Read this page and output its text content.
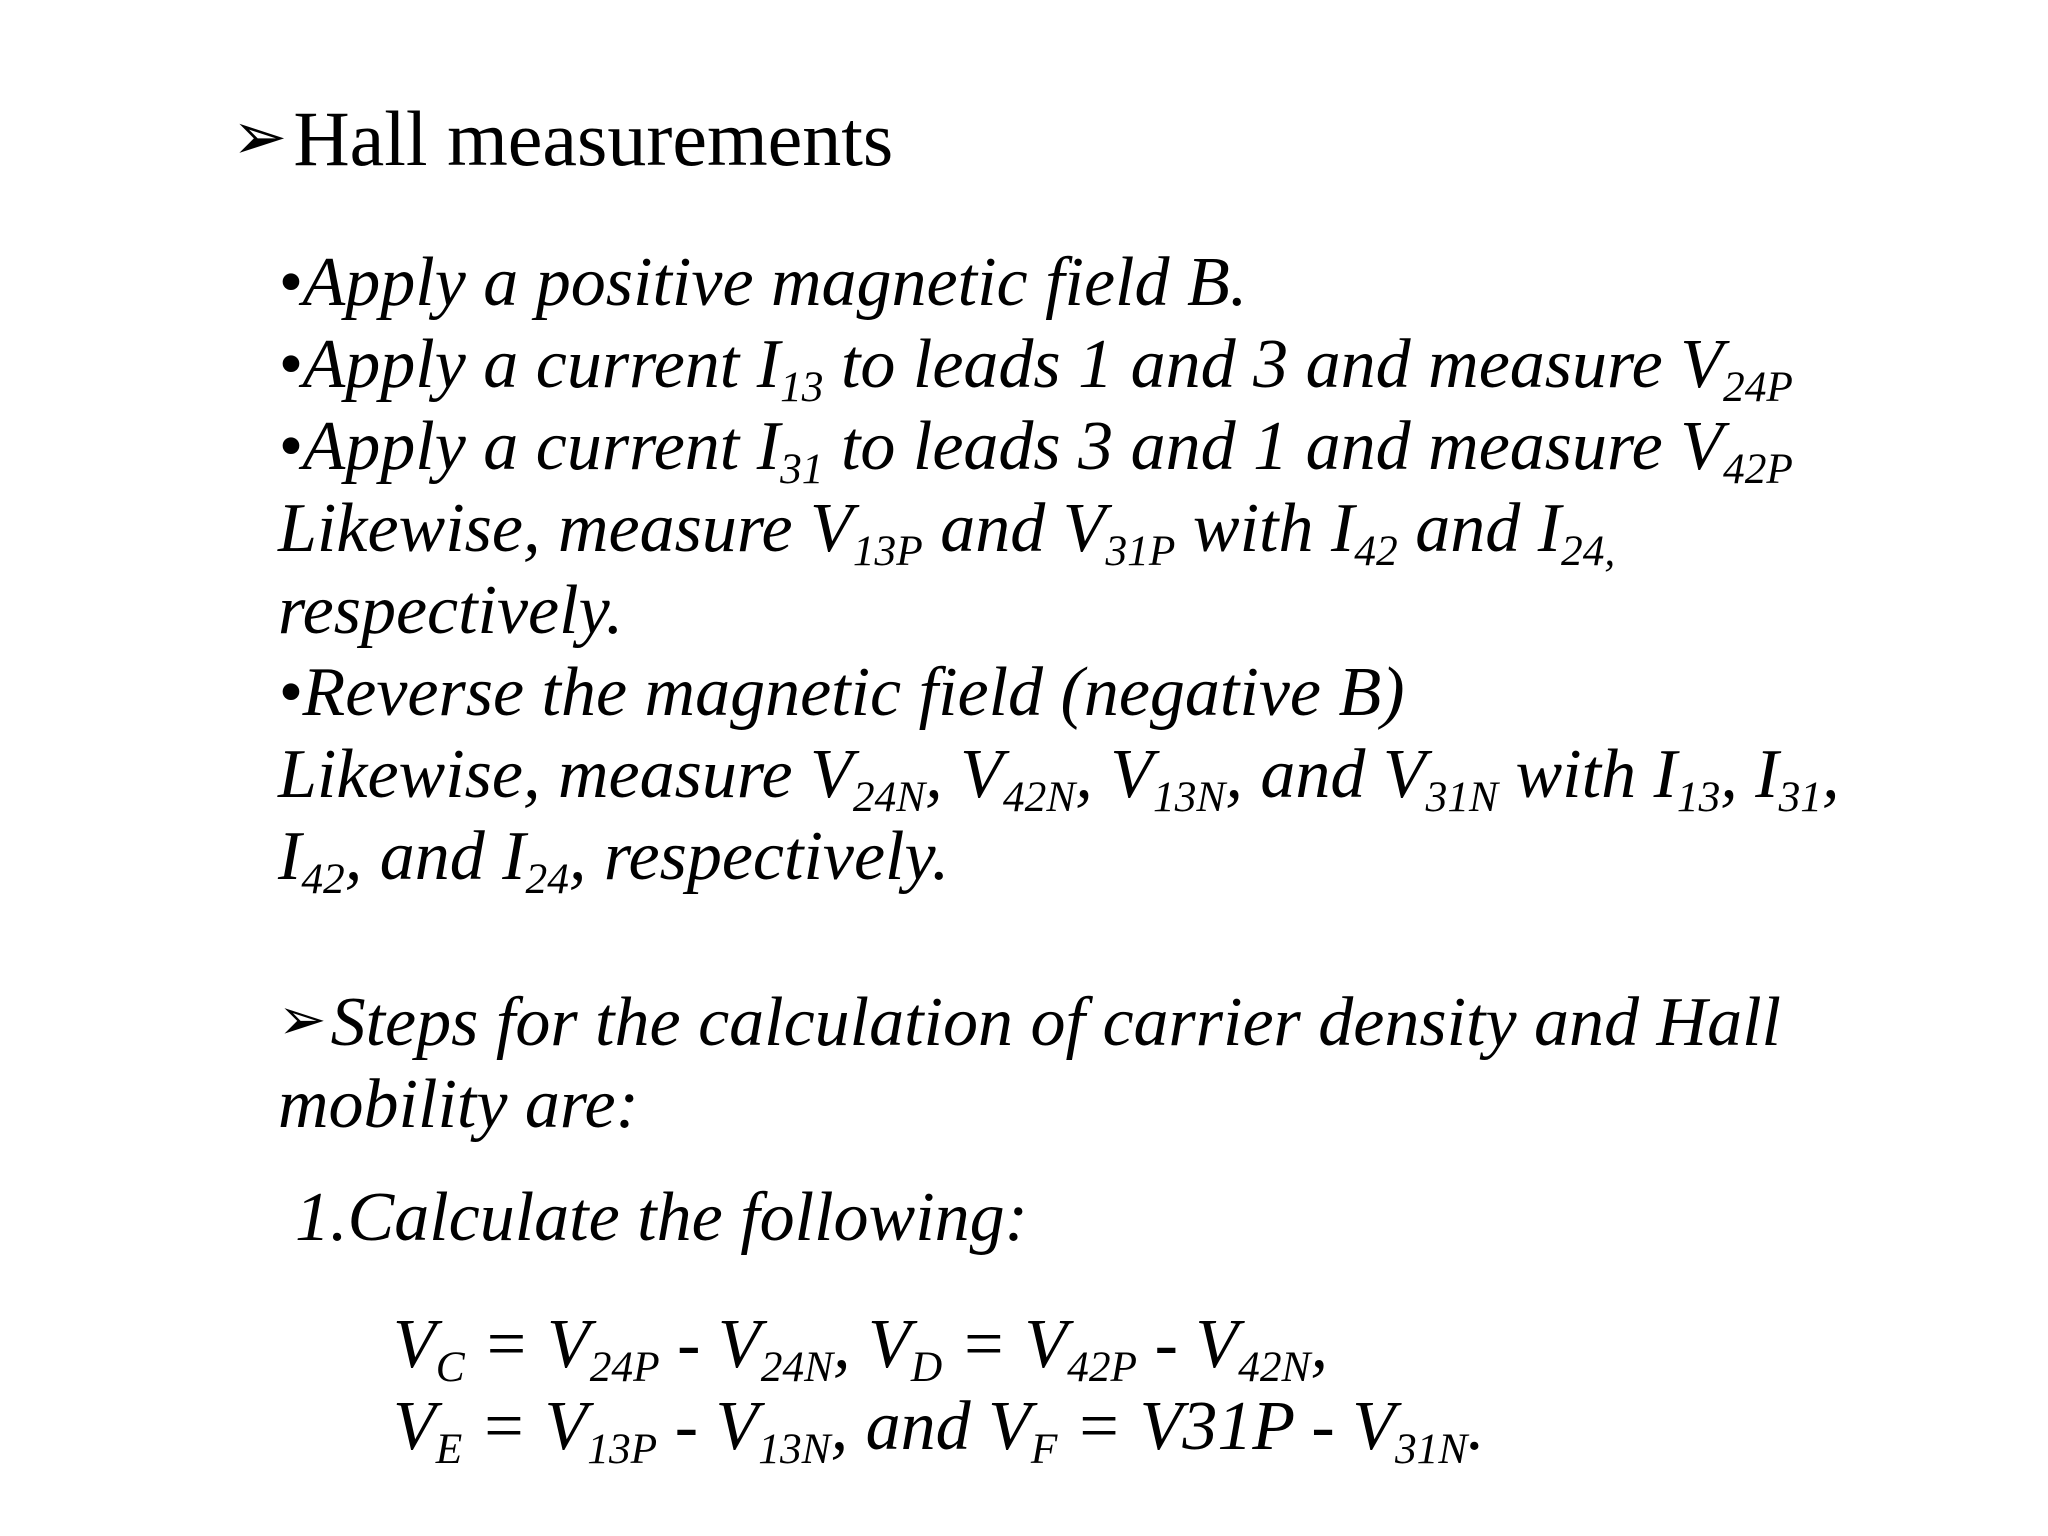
➢Hall measurements
•Apply a positive magnetic field B.
•Apply a current $I_{13}$ to leads 1 and 3 and measure $V_{24P}$
•Apply a current $I_{31}$ to leads 3 and 1 and measure $V_{42P}$
Likewise, measure $V_{13P}$ and $V_{31P}$ with $I_{42}$ and $I_{24,}$
respectively.
•Reverse the magnetic field (negative B)
Likewise, measure $V_{24N}$, $V_{42N}$, $V_{13N}$, and $V_{31N}$ with $I_{13}$, $I_{31}$,
$I_{42}$, and $I_{24}$, respectively.
➢Steps for the calculation of carrier density and Hall
mobility are:
1.Calculate the following:
$V_C = V_{24P} - V_{24N}$, $V_D = V_{42P} - V_{42N}$,
$V_E = V_{13P} - V_{13N}$, and $V_F = V31P - V_{31N}$.
